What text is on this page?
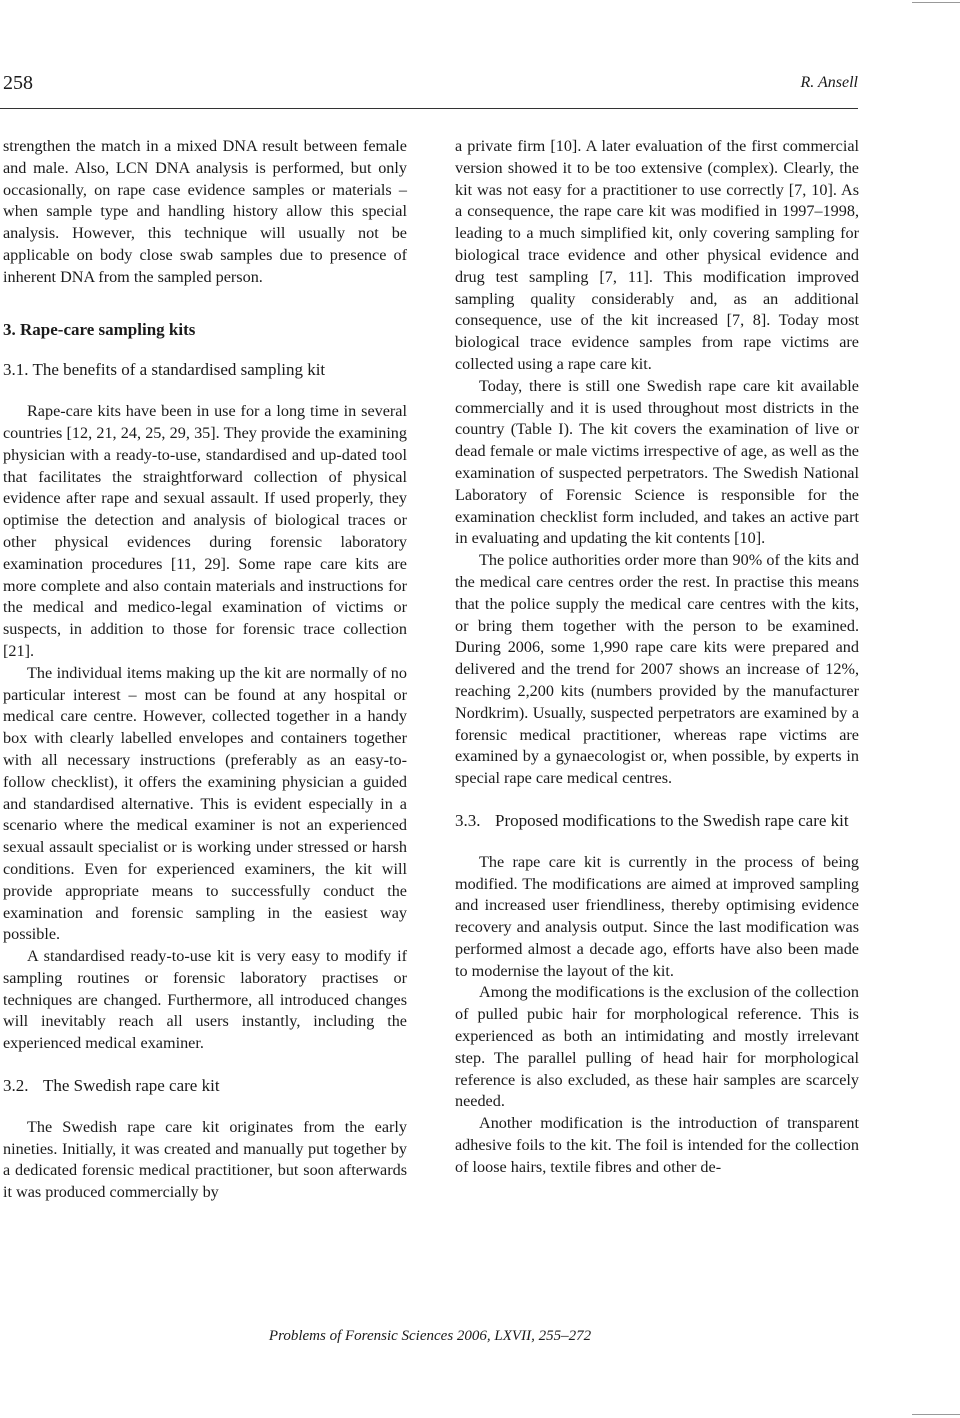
258	R. Ansell

strengthen the match in a mixed DNA result between female and male. Also, LCN DNA analysis is performed, but only occasionally, on rape case evidence samples or materials – when sample type and handling history allow this special analysis. However, this technique will usually not be applicable on body close swab samples due to presence of inherent DNA from the sampled person.

3. Rape-care sampling kits

3.1. The benefits of a standardised sampling kit

Rape-care kits have been in use for a long time in several countries [12, 21, 24, 25, 29, 35]. They provide the examining physician with a ready-to-use, standardised and up-dated tool that facilitates the straightforward collection of physical evidence after rape and sexual assault. If used properly, they optimise the detection and analysis of biological traces or other physical evidences during forensic laboratory examination procedures [11, 29]. Some rape care kits are more complete and also contain materials and instructions for the medical and medico-legal examination of victims or suspects, in addition to those for forensic trace collection [21].

The individual items making up the kit are normally of no particular interest – most can be found at any hospital or medical care centre. However, collected together in a handy box with clearly labelled envelopes and containers together with all necessary instructions (preferably as an easy-to-follow checklist), it offers the examining physician a guided and standardised alternative. This is evident especially in a scenario where the medical examiner is not an experienced sexual assault specialist or is working under stressed or harsh conditions. Even for experienced examiners, the kit will provide appropriate means to successfully conduct the examination and forensic sampling in the easiest way possible.

A standardised ready-to-use kit is very easy to modify if sampling routines or forensic laboratory practises or techniques are changed. Furthermore, all introduced changes will inevitably reach all users instantly, including the experienced medical examiner.

3.2. The Swedish rape care kit

The Swedish rape care kit originates from the early nineties. Initially, it was created and manually put together by a dedicated forensic medical practitioner, but soon afterwards it was produced commercially by

a private firm [10]. A later evaluation of the first commercial version showed it to be too extensive (complex). Clearly, the kit was not easy for a practitioner to use correctly [7, 10]. As a consequence, the rape care kit was modified in 1997–1998, leading to a much simplified kit, only covering sampling for biological trace evidence and other physical evidence and drug test sampling [7, 11]. This modification improved sampling quality considerably and, as an additional consequence, use of the kit increased [7, 8]. Today most biological trace evidence samples from rape victims are collected using a rape care kit.

Today, there is still one Swedish rape care kit available commercially and it is used throughout most districts in the country (Table I). The kit covers the examination of live or dead female or male victims irrespective of age, as well as the examination of suspected perpetrators. The Swedish National Laboratory of Forensic Science is responsible for the examination checklist form included, and takes an active part in evaluating and updating the kit contents [10].

The police authorities order more than 90% of the kits and the medical care centres order the rest. In practise this means that the police supply the medical care centres with the kits, or bring them together with the person to be examined. During 2006, some 1,990 rape care kits were prepared and delivered and the trend for 2007 shows an increase of 12%, reaching 2,200 kits (numbers provided by the manufacturer Nordkrim). Usually, suspected perpetrators are examined by a forensic medical practitioner, whereas rape victims are examined by a gynaecologist or, when possible, by experts in special rape care medical centres.

3.3. Proposed modifications to the Swedish rape care kit

The rape care kit is currently in the process of being modified. The modifications are aimed at improved sampling and increased user friendliness, thereby optimising evidence recovery and analysis output. Since the last modification was performed almost a decade ago, efforts have also been made to modernise the layout of the kit.

Among the modifications is the exclusion of the collection of pulled pubic hair for morphological reference. This is experienced as both an intimidating and mostly irrelevant step. The parallel pulling of head hair for morphological reference is also excluded, as these hair samples are scarcely needed.

Another modification is the introduction of transparent adhesive foils to the kit. The foil is intended for the collection of loose hairs, textile fibres and other de-

Problems of Forensic Sciences 2006, LXVII, 255–272
